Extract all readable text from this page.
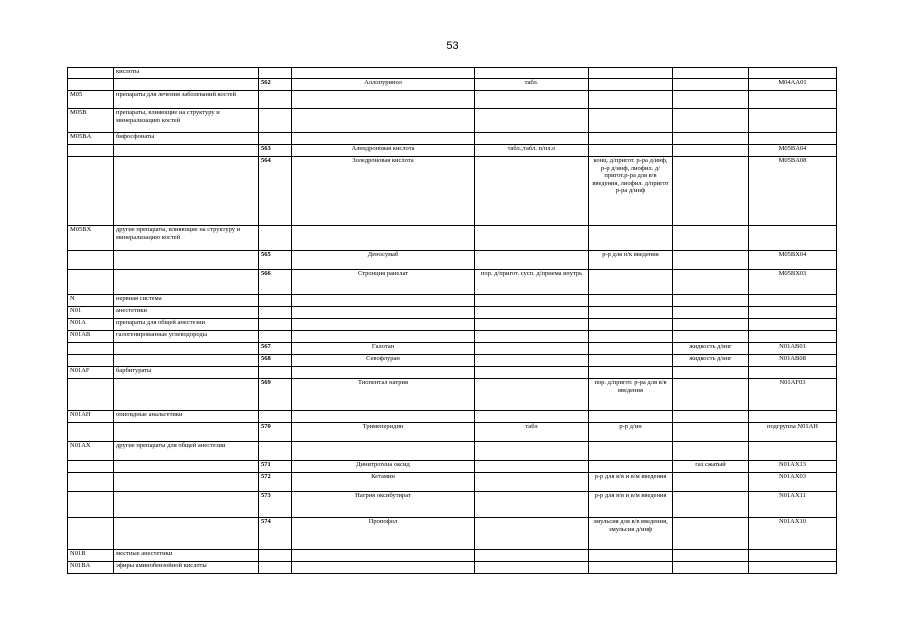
53
	кислоты						
		562	Аллопуринол	табл.			M04AA01
M05	препараты для лечения заболеваний костей						
M05B	препараты, влияющие на структуру и минерализацию костей						
M05BA	бифосфонаты						
		563	Алендроновая кислота	табл.,табл. п/пл.о			M05BA04
		564	Золедроновая кислота		конц. д/пригот. р-ра д/инф, р-р д/инф, лиофил. д/пригот.р-ра для в/в введения, лиофил. д/пригот р-ра д/инф		M05BA08
M05BX	другие препараты, влияющие на структуру и минерализацию костей						
		565	Деносумаб		р-р для п/к введения		M05BX04
		566	Стронция ранелат	пор. д/пригот. сусп. д/приема внутрь			M05BX03
N	нервная система						
N01	анестетики						
N01A	препараты для общей анестезии						
N01AB	галогенированные углеводороды						
		567	Галотан			жидкость д/инг	N01AB01
		568	Севофлуран			жидкость д/инг	N01AB08
N01AF	барбитураты						
		569	Тиопентал натрия		пор. д/пригот. р-ра для в/в введения		N01AF03
N01AH	опиоидные анальгетики						
		570	Тримеперидин	табл	р-р д/ин		подгруппа N01AH
N01AX	другие препараты для общей анестезии						
		571	Динитрогена оксид			газ сжатый	N01AX13
		572	Кетамин		р-р для в/в и в/м введения		N01AX03
		573	Натрия оксибутират		р-р для в/в и в/м введения		N01AX11
		574	Пропофол		эмульсия для в/в введения, эмульсия д/инф		N01AX10
N01B	местные анестетики						
N01BA	эфиры аминобензойной кислоты						
